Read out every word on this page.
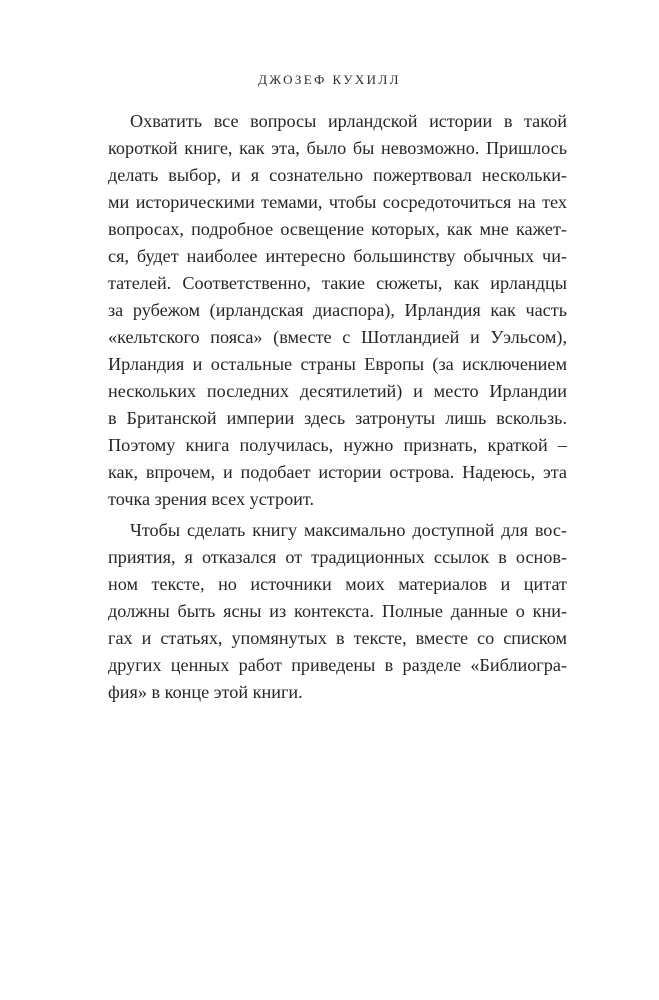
ДЖОЗЕФ КУХИЛЛ
Охватить все вопросы ирландской истории в такой
короткой книге, как эта, было бы невозможно. Пришлось
делать выбор, и я сознательно пожертвовал нескольки-
ми историческими темами, чтобы сосредоточиться на тех
вопросах, подробное освещение которых, как мне кажет-
ся, будет наиболее интересно большинству обычных чи-
тателей. Соответственно, такие сюжеты, как ирландцы
за рубежом (ирландская диаспора), Ирландия как часть
«кельтского пояса» (вместе с Шотландией и Уэльсом),
Ирландия и остальные страны Европы (за исключением
нескольких последних десятилетий) и место Ирландии
в Британской империи здесь затронуты лишь вскользь.
Поэтому книга получилась, нужно признать, краткой –
как, впрочем, и подобает истории острова. Надеюсь, эта
точка зрения всех устроит.
Чтобы сделать книгу максимально доступной для вос-
приятия, я отказался от традиционных ссылок в основ-
ном тексте, но источники моих материалов и цитат
должны быть ясны из контекста. Полные данные о кни-
гах и статьях, упомянутых в тексте, вместе со списком
других ценных работ приведены в разделе «Библиогра-
фия» в конце этой книги.
